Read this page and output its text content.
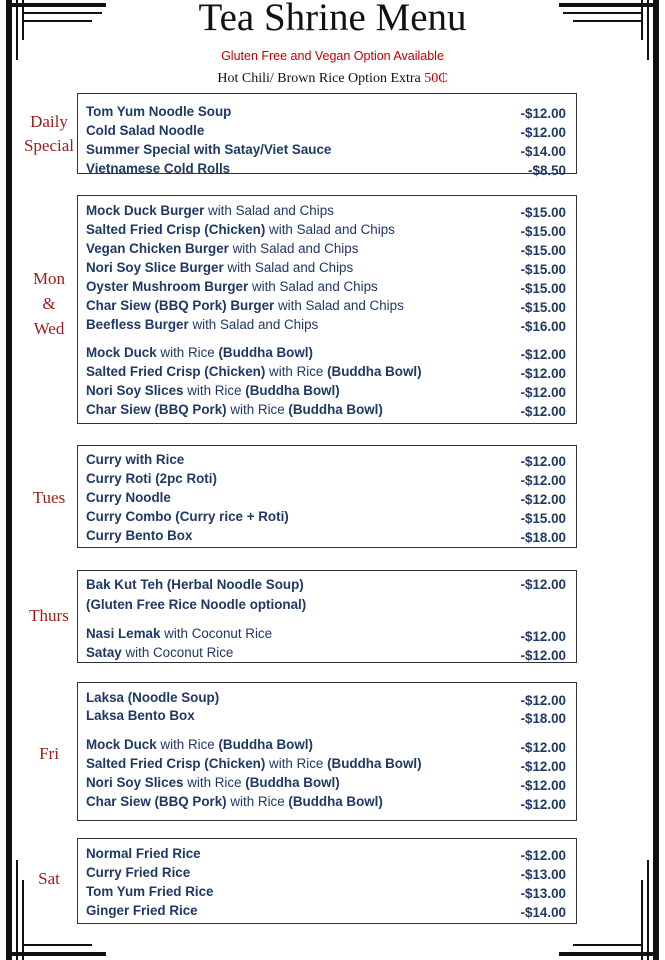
Tea Shrine Menu
Gluten Free and Vegan Option Available
Hot Chili/ Brown Rice Option Extra 50₵
Daily
Special
Tom Yum Noodle Soup	-$12.00
Cold Salad Noodle	-$12.00
Summer Special with Satay/Viet Sauce	-$14.00
Vietnamese Cold Rolls	-$8.50
Mon
&
Wed
Mock Duck Burger with Salad and Chips	-$15.00
Salted Fried Crisp (Chicken) with Salad and Chips	-$15.00
Vegan Chicken Burger with Salad and Chips	-$15.00
Nori Soy Slice Burger with Salad and Chips	-$15.00
Oyster Mushroom Burger with Salad and Chips	-$15.00
Char Siew (BBQ Pork) Burger with Salad and Chips	-$15.00
Beefless Burger with Salad and Chips	-$16.00
Mock Duck with Rice (Buddha Bowl)	-$12.00
Salted Fried Crisp (Chicken) with Rice (Buddha Bowl)	-$12.00
Nori Soy Slices with Rice (Buddha Bowl)	-$12.00
Char Siew (BBQ Pork) with Rice (Buddha Bowl)	-$12.00
Tues
Curry with Rice	-$12.00
Curry Roti (2pc Roti)	-$12.00
Curry Noodle	-$12.00
Curry Combo (Curry rice + Roti)	-$15.00
Curry Bento Box	-$18.00
Thurs
Bak Kut Teh (Herbal Noodle Soup)	-$12.00
(Gluten Free Rice Noodle optional)
Nasi Lemak with Coconut Rice	-$12.00
Satay with Coconut Rice	-$12.00
Fri
Laksa (Noodle Soup)	-$12.00
Laksa Bento Box	-$18.00
Mock Duck with Rice (Buddha Bowl)	-$12.00
Salted Fried Crisp (Chicken) with Rice (Buddha Bowl)	-$12.00
Nori Soy Slices with Rice (Buddha Bowl)	-$12.00
Char Siew (BBQ Pork) with Rice (Buddha Bowl)	-$12.00
Sat
Normal Fried Rice	-$12.00
Curry Fried Rice	-$13.00
Tom Yum Fried Rice	-$13.00
Ginger Fried Rice	-$14.00
